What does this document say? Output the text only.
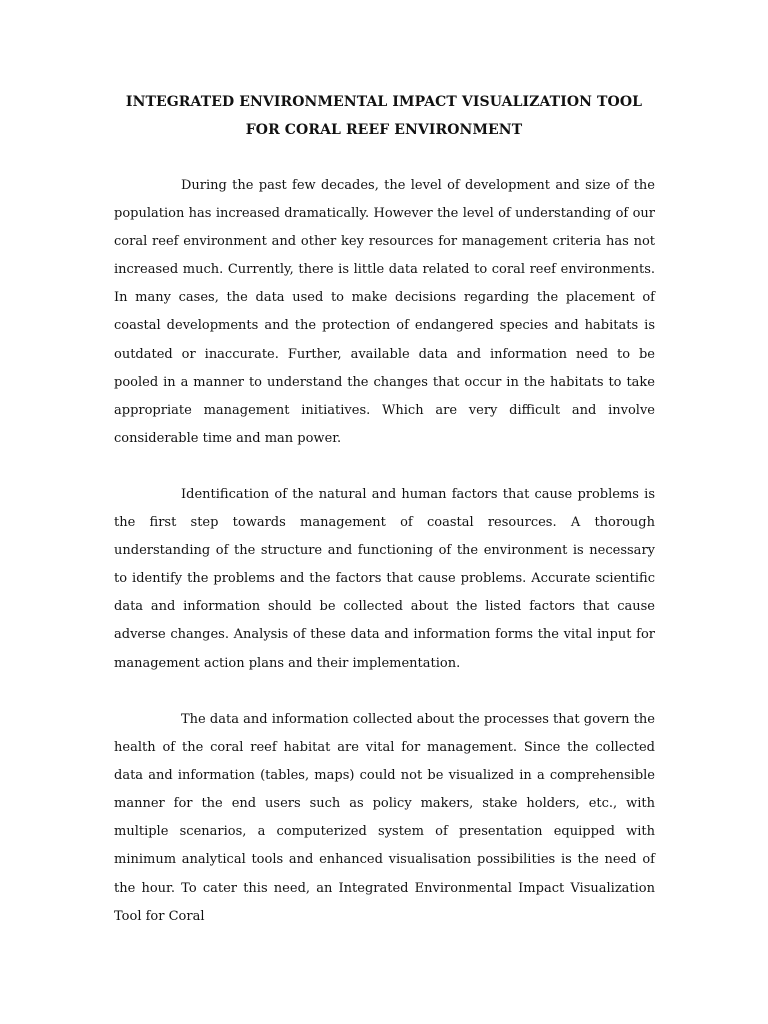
INTEGRATED ENVIRONMENTAL IMPACT VISUALIZATION TOOL
FOR CORAL REEF ENVIRONMENT

During the past few decades, the level of development and size of the population has increased dramatically. However the level of understanding of our coral reef environment and other key resources for management criteria has not increased much. Currently, there is little data related to coral reef environments. In many cases, the data used to make decisions regarding the placement of coastal developments and the protection of endangered species and habitats is outdated or inaccurate. Further, available data and information need to be pooled in a manner to understand the changes that occur in the habitats to take appropriate management initiatives. Which are very difficult and involve considerable time and man power.

Identification of the natural and human factors that cause problems is the first step towards management of coastal resources. A thorough understanding of the structure and functioning of the environment is necessary to identify the problems and the factors that cause problems. Accurate scientific data and information should be collected about the listed factors that cause adverse changes. Analysis of these data and information forms the vital input for management action plans and their implementation.

The data and information collected about the processes that govern the health of the coral reef habitat are vital for management. Since the collected data and information (tables, maps) could not be visualized in a comprehensible manner for the end users such as policy makers, stake holders, etc., with multiple scenarios, a computerized system of presentation equipped with minimum analytical tools and enhanced visualisation possibilities is the need of the hour. To cater this need, an Integrated Environmental Impact Visualization Tool for Coral
